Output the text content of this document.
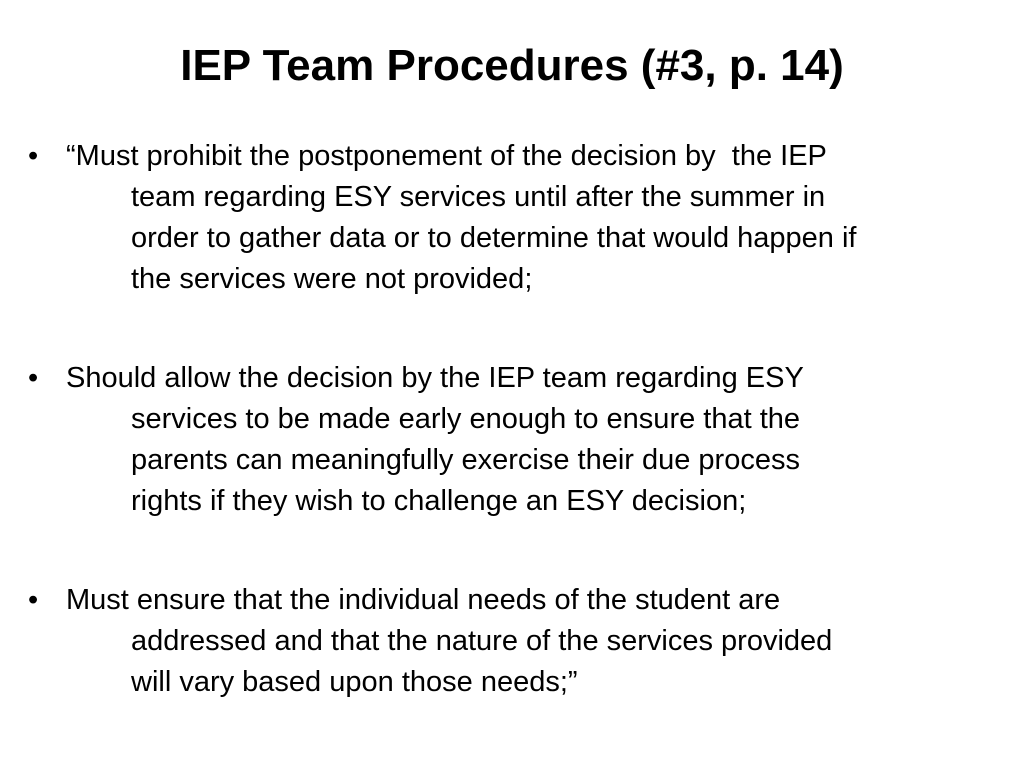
IEP Team Procedures (#3, p. 14)
• “Must prohibit the postponement of the decision by  the IEP
team regarding ESY services until after the summer in
order to gather data or to determine that would happen if
the services were not provided;
• Should allow the decision by the IEP team regarding ESY
services to be made early enough to ensure that the
parents can meaningfully exercise their due process
rights if they wish to challenge an ESY decision;
• Must ensure that the individual needs of the student are
addressed and that the nature of the services provided
will vary based upon those needs;”
